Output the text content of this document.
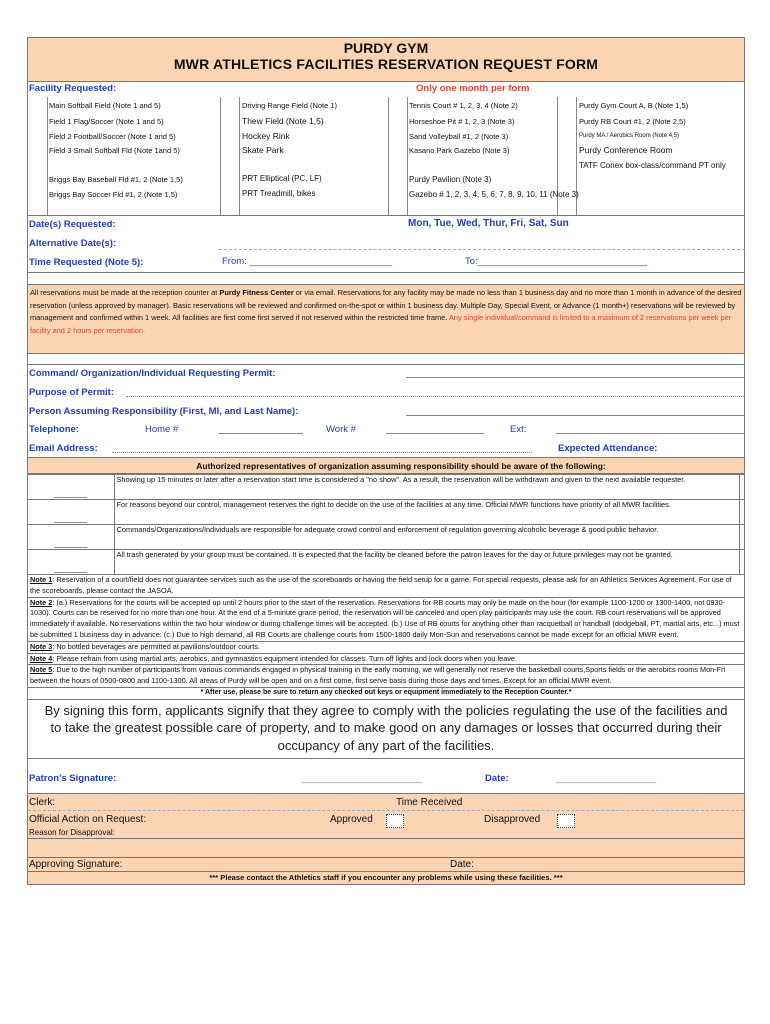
PURDY GYM
MWR ATHLETICS FACILITIES RESERVATION REQUEST FORM
Facility Requested:	Only one month per form
Main Softball Field (Note 1 and 5)
Field 1 Flag/Soccer (Note 1 and 5)
Field 2 Football/Soccer (Note 1 and 5)
Field 3 Small Softball Fld (Note 1and 5)
Briggs Bay Baseball Fld #1, 2 (Note 1,5)
Briggs Bay Soccer Fld #1, 2 (Note 1,5)
Driving Range Field (Note 1)
Thew Field (Note 1,5)
Hockey Rink
Skate Park
PRT Elliptical (PC, LF)
PRT Treadmill, bikes
Tennis Court # 1, 2, 3, 4 (Note 2)
Horseshoe Pit # 1, 2, 3 (Note 3)
Sand Volleyball #1, 2 (Note 3)
Kasano Park Gazebo (Note 3)
Purdy Pavilion (Note 3)
Gazebo # 1, 2, 3, 4, 5, 6, 7, 8, 9, 10, 11 (Note 3)
Purdy Gym Court A, B (Note 1,5)
Purdy RB Court #1, 2 (Note 2,5)
Purdy MA / Aerobics Room (Note 4,5)
Purdy Conference Room
TATF Conex box-class/command PT only
Date(s) Requested:	Mon, Tue, Wed, Thur, Fri, Sat, Sun
Alternative Date(s):
Time Requested (Note 5):	From: ___________________________	To:________________________________
All reservations must be made at the reception counter at Purdy Fitness Center or via email. Reservations for any facility may be made no less than 1 business day and no more than 1 month in advance of the desired reservation (unless approved by manager). Basic reservations will be reviewed and confirmed on-the-spot or within 1 business day. Multiple Day, Special Event, or Advance (1 month+) reservations will be reviewed by management and confirmed within 1 week. All facilities are first come first served if not reserved within the restricted time frame. Any single individual/command is limited to a maximum of 2 reservations per week per facility and 2 hours per reservation.
Command/ Organization/Individual Requesting Permit:
Purpose of Permit:
Person Assuming Responsibility (First, MI, and Last Name):
Telephone:	Home #	Work #	Ext:
Email Address:	Expected Attendance:
Authorized representatives of organization assuming responsibility should be aware of the following:
________	Showing up 15 minutes or later after a reservation start time is considered a "no show". As a result, the reservation will be withdrawn and given to the next available requester.	
________	For reasons beyond our control, management reserves the right to decide on the use of the facilities at any time. Official MWR functions have priority of all MWR facilities.	
________	Commands/Organizations/Individuals are responsible for adequate crowd control and enforcement of regulation governing alcoholic beverage & good public behavior.	
________	All trash generated by your group must be contained. It is expected that the facility be cleaned before the patron leaves for the day or future privileges may not be granted.	
Note 1: Reservation of a court/field does not guarantee services such as the use of the scoreboards or having the field setup for a game. For special requests, please ask for an Athletics Services Agreement. For use of the scoreboards, please contact the JASOA.
Note 2: (a.) Reservations for the courts will be accepted up until 2 hours prior to the start of the reservation. Reservations for RB courts may only be made on the hour (for example 1100-1200 or 1300-1400, not 0930-1030). Courts can be reserved for no more than one hour. At the end of a 5-minute grace period, the reservation will be canceled and open play participants may use the court. RB court reservations will be approved immediately if available. No reservations within the two hour window or during challenge times will be accepted. (b.) Use of RB courts for anything other than racquetball or handball (dodgeball, PT, martial arts, etc...) must be submitted 1 business day in advance. (c.) Due to high demand, all RB Courts are challenge courts from 1500-1800 daily Mon-Sun and reservations cannot be made except for an official MWR event.
Note 3: No bottled beverages are permitted at pavilions/outdoor courts.
Note 4: Please refrain from using martial arts, aerobics, and gymnastics equipment intended for classes. Turn off lights and lock doors when you leave.
Note 5: Due to the high number of participants from various commands engaged in physical training in the early morning, we will generally not reserve the basketball courts,Sports fields or the aerobics rooms Mon-Fri between the hours of 0500-0800 and 1100-1300. All areas of Purdy will be open and on a first come, first serve basis during those days and times. Except for an official MWR event.
* After use, please be sure to return any checked out keys or equipment immediately to the Reception Counter.*
By signing this form, applicants signify that they agree to comply with the policies regulating the use of the facilities and to take the greatest possible care of property, and to make good on any damages or losses that occurred during their occupancy of any part of the facilities.
Patron's Signature:	________________________	Date:	____________________
Clerk:	Time Received
Official Action on Request:	Approved	Disapproved
Reason for Disapproval:
Approving Signature:	Date:
*** Please contact the Athletics staff if you encounter any problems while using these facilities. ***
